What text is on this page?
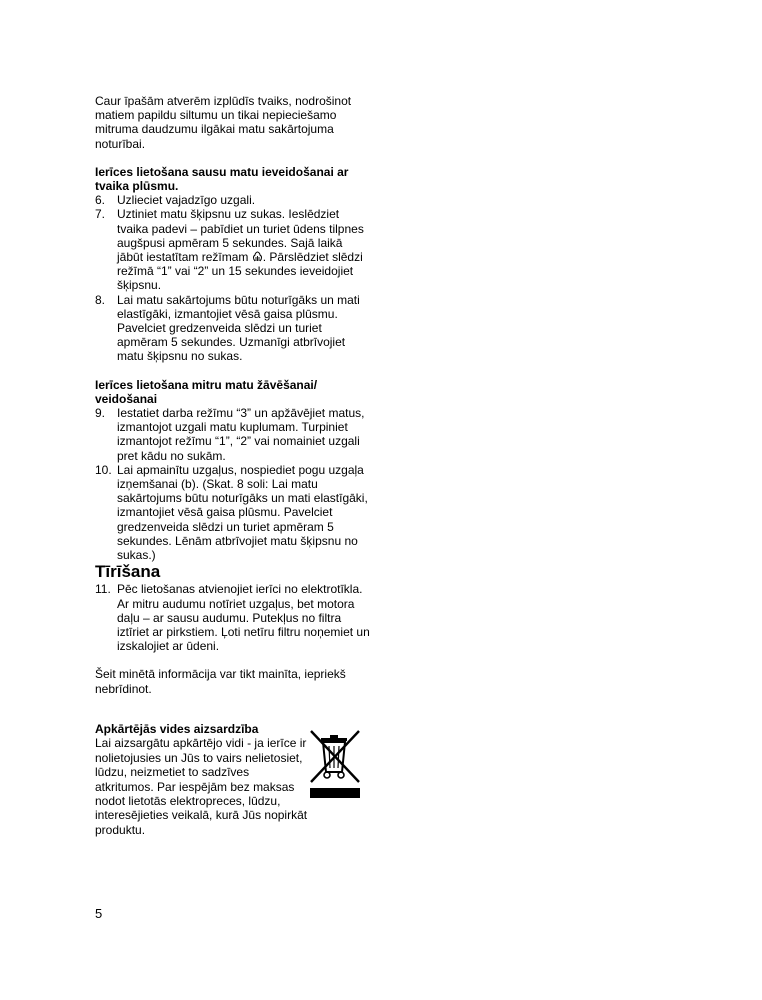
Caur īpašām atverēm izplūdīs tvaiks, nodrošinot matiem papildu siltumu un tikai nepieciešamo mitruma daudzumu ilgākai matu sakārtojuma noturībai.

Ierīces lietošana sausu matu ieveidošanai ar tvaika plūsmu.

6. Uzlieciet vajadzīgo uzgali.
7. Uztiniet matu šķipsnu uz sukas. Ieslēdziet tvaika padevi – pabīdiet un turiet ūdens tilpnes augšpusi apmēram 5 sekundes. Sajā laikā jābūt iestatītam režīmam . Pārslēdziet slēdzi režīmā “1” vai “2” un 15 sekundes ieveidojiet šķipsnu.
8. Lai matu sakārtojums būtu noturīgāks un mati elastīgāki, izmantojiet vēsā gaisa plūsmu. Pavelciet gredzenveida slēdzi un turiet apmēram 5 sekundes. Uzmanīgi atbrīvojiet matu šķipsnu no sukas.

Ierīces lietošana mitru matu žāvēšanai/ veidošanai

9. Iestatiet darba režīmu “3” un apžāvējiet matus, izmantojot uzgali matu kuplumam. Turpiniet izmantojot režīmu “1”, “2” vai nomainiet uzgali pret kādu no sukām.
10. Lai apmainītu uzgaļus, nospiediet pogu uzgaļa izņemšanai (b). (Skat. 8 soli: Lai matu sakārtojums būtu noturīgāks un mati elastīgāki, izmantojiet vēsā gaisa plūsmu. Pavelciet gredzenveida slēdzi un turiet apmēram 5 sekundes. Lēnām atbrīvojiet matu šķipsnu no sukas.)

Tīrīšana

11. Pēc lietošanas atvienojiet ierīci no elektrotīkla. Ar mitru audumu notīriet uzgaļus, bet motora daļu – ar sausu audumu. Putekļus no filtra iztīriet ar pirkstiem. Ļoti netīru filtru noņemiet un izskalojiet ar ūdeni.

Šeit minētā informācija var tikt mainīta, iepriekš nebrīdinot.

Apkārtējās vides aizsardzība

Lai aizsargātu apkārtējo vidi - ja ierīce ir nolietojusies un Jūs to vairs nelietosiet, lūdzu, neizmetiet to sadzīves atkritumos. Par iespējām bez maksas nodot lietotās elektropreces, lūdzu, interesējieties veikalā, kurā Jūs nopirkāt produktu.

5
